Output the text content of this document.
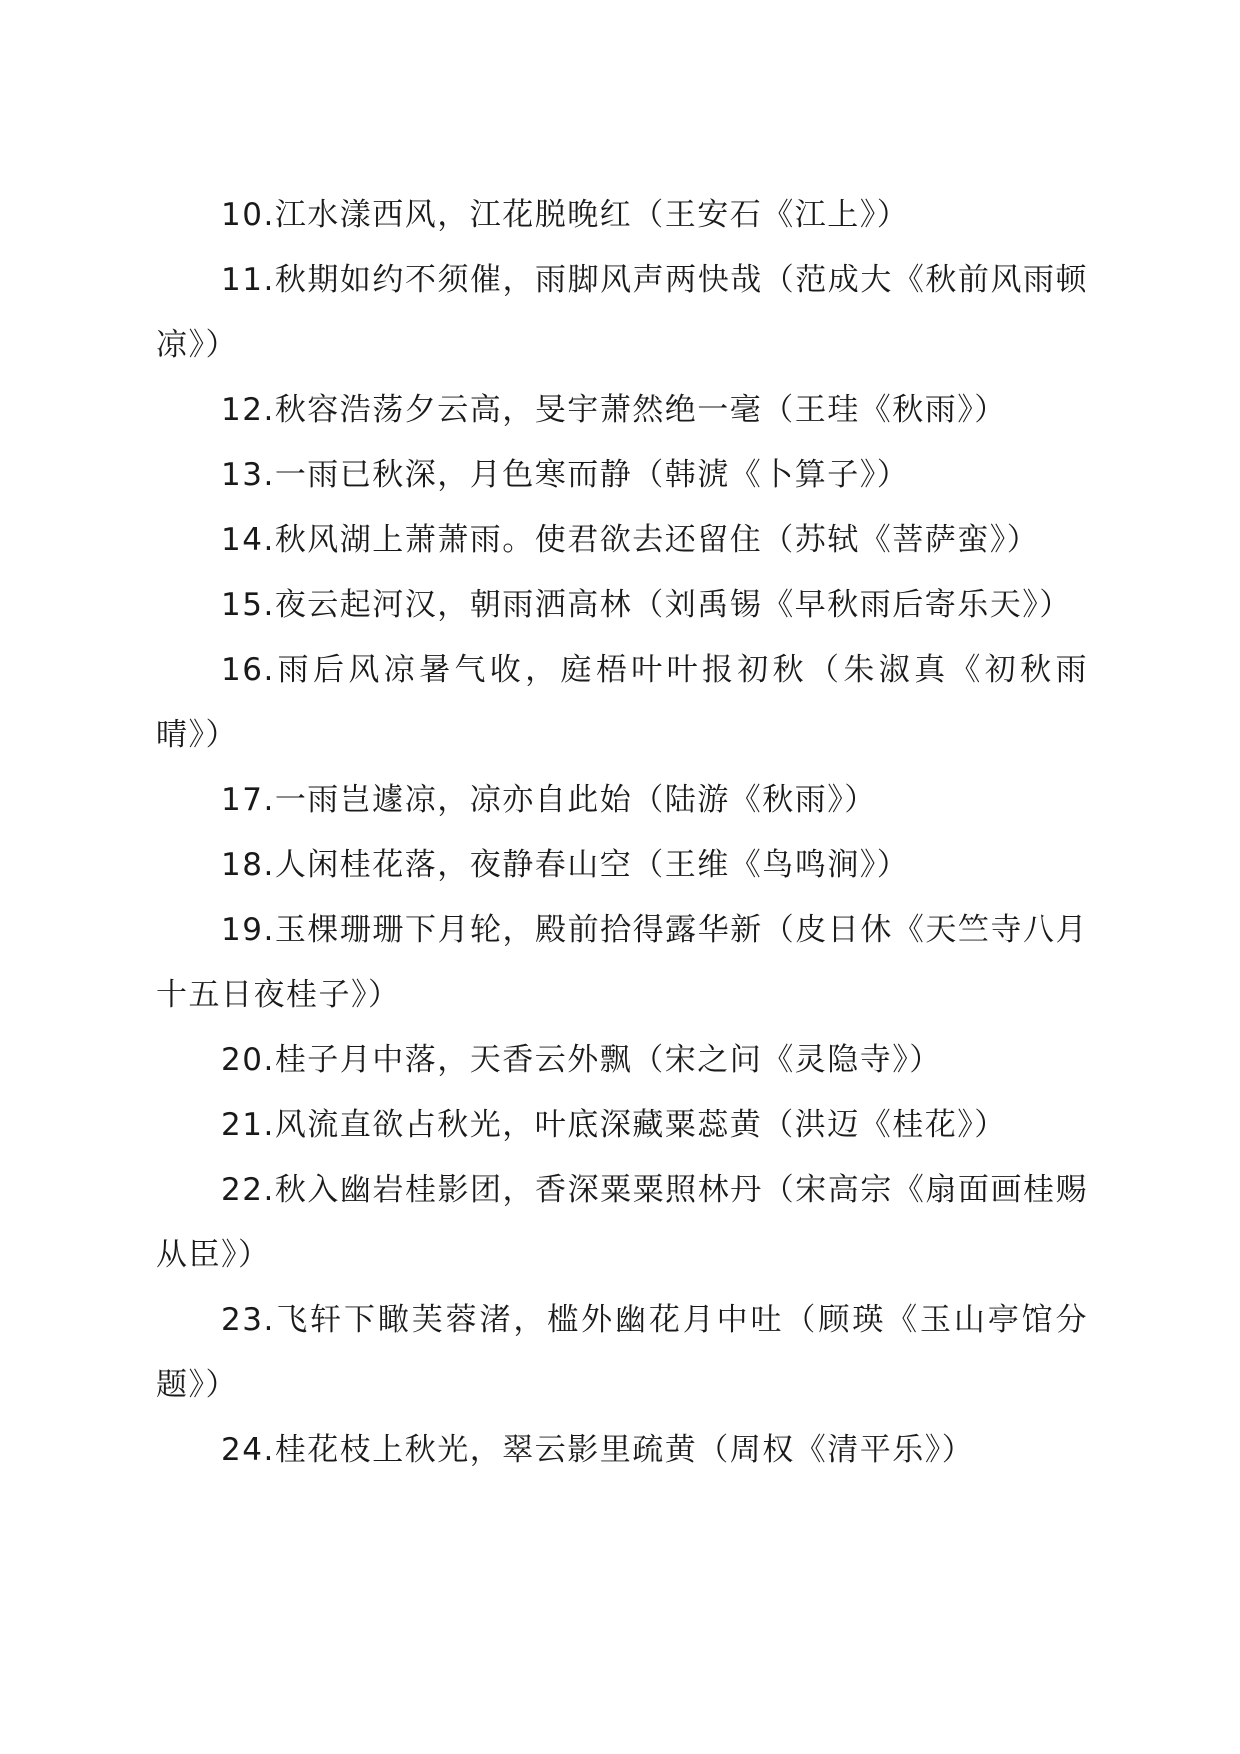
10.江水漾西风，江花脱晚红（王安石《江上》）

11.秋期如约不须催，雨脚风声两快哉（范成大《秋前风雨顿凉》）

12.秋容浩荡夕云高，旻宇萧然绝一毫（王珪《秋雨》）

13.一雨已秋深，月色寒而静（韩淲《卜算子》）

14.秋风湖上萧萧雨。使君欲去还留住（苏轼《菩萨蛮》）

15.夜云起河汉，朝雨洒高林（刘禹锡《早秋雨后寄乐天》）

16.雨后风凉暑气收，庭梧叶叶报初秋（朱淑真《初秋雨晴》）

17.一雨岂遽凉，凉亦自此始（陆游《秋雨》）

18.人闲桂花落，夜静春山空（王维《鸟鸣涧》）

19.玉棵珊珊下月轮，殿前拾得露华新（皮日休《天竺寺八月十五日夜桂子》）

20.桂子月中落，天香云外飘（宋之问《灵隐寺》）

21.风流直欲占秋光，叶底深藏粟蕊黄（洪迈《桂花》）

22.秋入幽岩桂影团，香深粟粟照林丹（宋高宗《扇面画桂赐从臣》）

23.飞轩下瞰芙蓉渚，槛外幽花月中吐（顾瑛《玉山亭馆分题》）

24.桂花枝上秋光，翠云影里疏黄（周权《清平乐》）
